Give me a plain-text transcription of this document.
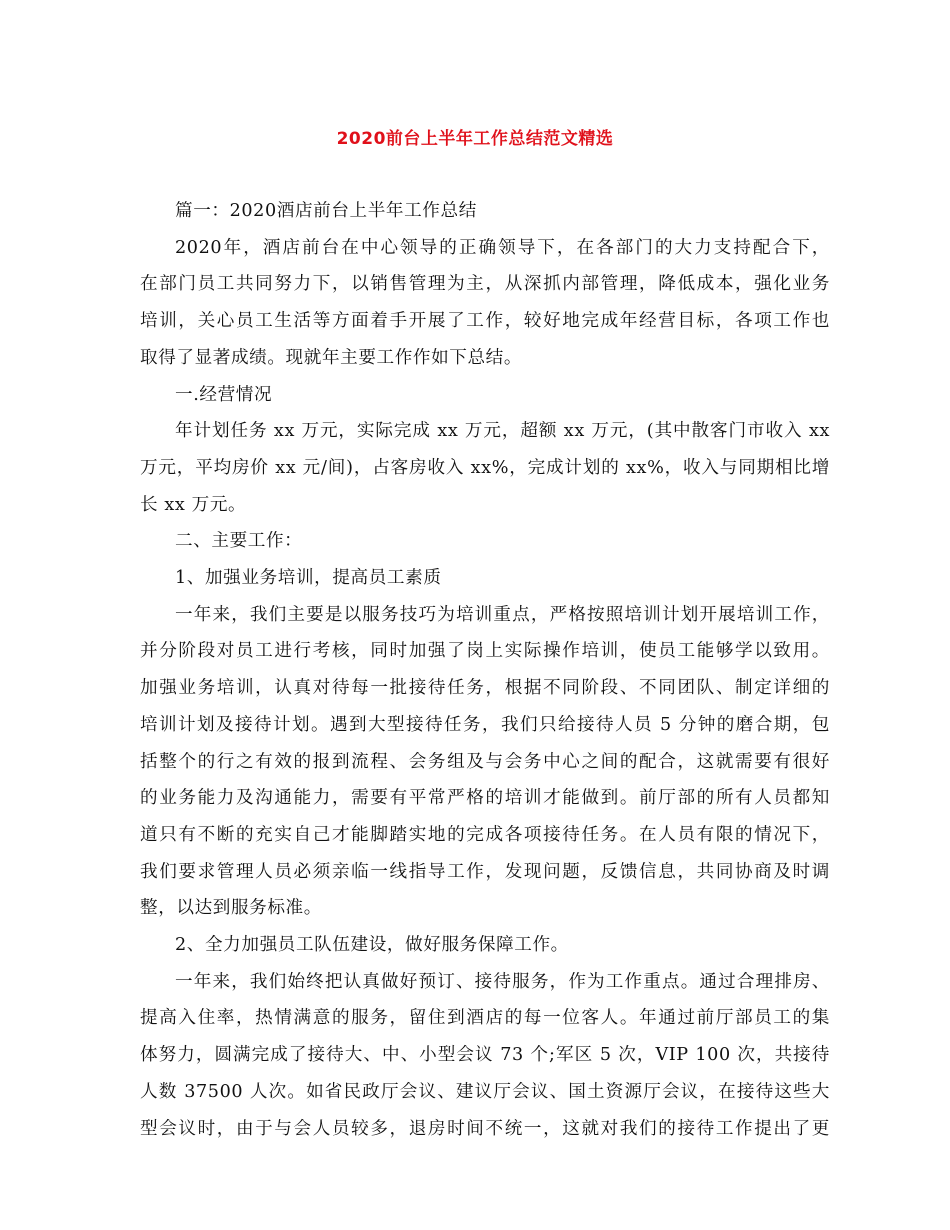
2020前台上半年工作总结范文精选
篇一：2020酒店前台上半年工作总结
2020年，酒店前台在中心领导的正确领导下，在各部门的大力支持配合下，
在部门员工共同努力下，以销售管理为主，从深抓内部管理，降低成本，强化业务
培训，关心员工生活等方面着手开展了工作，较好地完成年经营目标，各项工作也
取得了显著成绩。现就年主要工作作如下总结。
一.经营情况
年计划任务 xx 万元，实际完成 xx 万元，超额 xx 万元，(其中散客门市收入 xx
万元，平均房价 xx 元/间)，占客房收入 xx%，完成计划的 xx%，收入与同期相比增
长 xx 万元。
二、主要工作：
1、加强业务培训，提高员工素质
一年来，我们主要是以服务技巧为培训重点，严格按照培训计划开展培训工作，
并分阶段对员工进行考核，同时加强了岗上实际操作培训，使员工能够学以致用。
加强业务培训，认真对待每一批接待任务，根据不同阶段、不同团队、制定详细的
培训计划及接待计划。遇到大型接待任务，我们只给接待人员 5 分钟的磨合期，包
括整个的行之有效的报到流程、会务组及与会务中心之间的配合，这就需要有很好
的业务能力及沟通能力，需要有平常严格的培训才能做到。前厅部的所有人员都知
道只有不断的充实自己才能脚踏实地的完成各项接待任务。在人员有限的情况下，
我们要求管理人员必须亲临一线指导工作，发现问题，反馈信息，共同协商及时调
整，以达到服务标准。
2、全力加强员工队伍建设，做好服务保障工作。
一年来，我们始终把认真做好预订、接待服务，作为工作重点。通过合理排房、
提高入住率，热情满意的服务，留住到酒店的每一位客人。年通过前厅部员工的集
体努力，圆满完成了接待大、中、小型会议 73 个;军区 5 次，VIP 100 次，共接待
人数 37500 人次。如省民政厅会议、建议厅会议、国土资源厅会议，在接待这些大
型会议时，由于与会人员较多，退房时间不统一，这就对我们的接待工作提出了更
